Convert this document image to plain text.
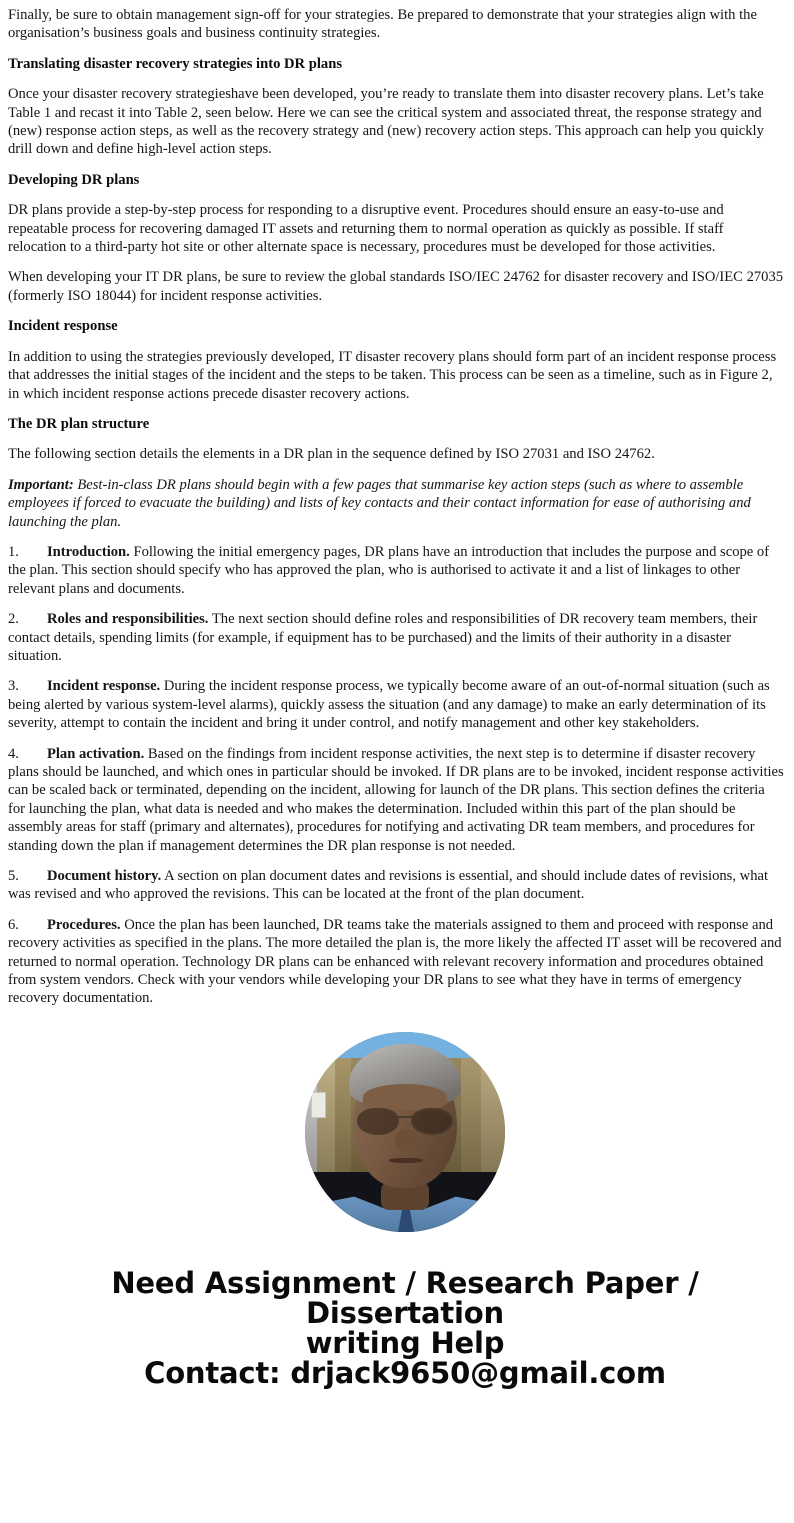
Finally, be sure to obtain management sign-off for your strategies. Be prepared to demonstrate that your strategies align with the organisation’s business goals and business continuity strategies.

Translating disaster recovery strategies into DR plans

Once your disaster recovery strategieshave been developed, you’re ready to translate them into disaster recovery plans. Let’s take Table 1 and recast it into Table 2, seen below. Here we can see the critical system and associated threat, the response strategy and (new) response action steps, as well as the recovery strategy and (new) recovery action steps. This approach can help you quickly drill down and define high-level action steps.

Developing DR plans

DR plans provide a step-by-step process for responding to a disruptive event. Procedures should ensure an easy-to-use and repeatable process for recovering damaged IT assets and returning them to normal operation as quickly as possible. If staff relocation to a third-party hot site or other alternate space is necessary, procedures must be developed for those activities.

When developing your IT DR plans, be sure to review the global standards ISO/IEC 24762 for disaster recovery and ISO/IEC 27035 (formerly ISO 18044) for incident response activities.

Incident response

In addition to using the strategies previously developed, IT disaster recovery plans should form part of an incident response process that addresses the initial stages of the incident and the steps to be taken. This process can be seen as a timeline, such as in Figure 2, in which incident response actions precede disaster recovery actions.

The DR plan structure

The following section details the elements in a DR plan in the sequence defined by ISO 27031 and ISO 24762.

Important: Best-in-class DR plans should begin with a few pages that summarise key action steps (such as where to assemble employees if forced to evacuate the building) and lists of key contacts and their contact information for ease of authorising and launching the plan.

1. Introduction. Following the initial emergency pages, DR plans have an introduction that includes the purpose and scope of the plan. This section should specify who has approved the plan, who is authorised to activate it and a list of linkages to other relevant plans and documents.

2. Roles and responsibilities. The next section should define roles and responsibilities of DR recovery team members, their contact details, spending limits (for example, if equipment has to be purchased) and the limits of their authority in a disaster situation.

3. Incident response. During the incident response process, we typically become aware of an out-of-normal situation (such as being alerted by various system-level alarms), quickly assess the situation (and any damage) to make an early determination of its severity, attempt to contain the incident and bring it under control, and notify management and other key stakeholders.

4. Plan activation. Based on the findings from incident response activities, the next step is to determine if disaster recovery plans should be launched, and which ones in particular should be invoked. If DR plans are to be invoked, incident response activities can be scaled back or terminated, depending on the incident, allowing for launch of the DR plans. This section defines the criteria for launching the plan, what data is needed and who makes the determination. Included within this part of the plan should be assembly areas for staff (primary and alternates), procedures for notifying and activating DR team members, and procedures for standing down the plan if management determines the DR plan response is not needed.

5. Document history. A section on plan document dates and revisions is essential, and should include dates of revisions, what was revised and who approved the revisions. This can be located at the front of the plan document.

6. Procedures. Once the plan has been launched, DR teams take the materials assigned to them and proceed with response and recovery activities as specified in the plans. The more detailed the plan is, the more likely the affected IT asset will be recovered and returned to normal operation. Technology DR plans can be enhanced with relevant recovery information and procedures obtained from system vendors. Check with your vendors while developing your DR plans to see what they have in terms of emergency recovery documentation.

Need Assignment / Research Paper / Dissertation
writing Help
Contact: drjack9650@gmail.com
